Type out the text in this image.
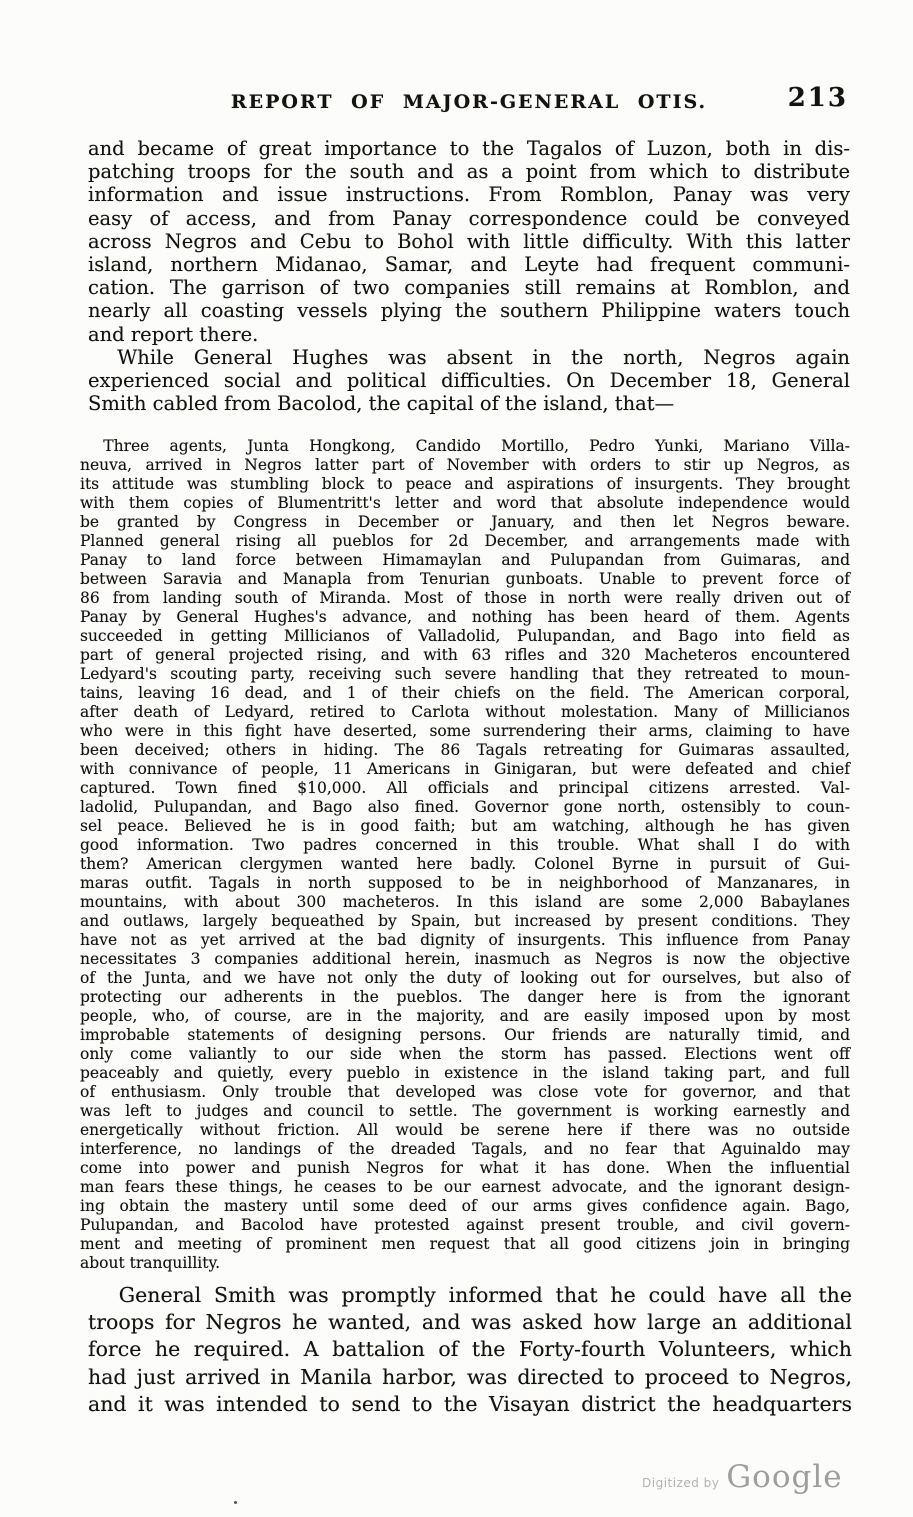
REPORT OF MAJOR-GENERAL OTIS.	213
and became of great importance to the Tagalos of Luzon, both in dis-
patching troops for the south and as a point from which to distribute
information and issue instructions. From Romblon, Panay was very
easy of access, and from Panay correspondence could be conveyed
across Negros and Cebu to Bohol with little difficulty. With this latter
island, northern Midanao, Samar, and Leyte had frequent communi-
cation. The garrison of two companies still remains at Romblon, and
nearly all coasting vessels plying the southern Philippine waters touch
and report there.
While General Hughes was absent in the north, Negros again
experienced social and political difficulties. On December 18, General
Smith cabled from Bacolod, the capital of the island, that—
Three agents, Junta Hongkong, Candido Mortillo, Pedro Yunki, Mariano Villa-
neuva, arrived in Negros latter part of November with orders to stir up Negros, as
its attitude was stumbling block to peace and aspirations of insurgents. They brought
with them copies of Blumentritt's letter and word that absolute independence would
be granted by Congress in December or January, and then let Negros beware.
Planned general rising all pueblos for 2d December, and arrangements made with
Panay to land force between Himamaylan and Pulupandan from Guimaras, and
between Saravia and Manapla from Tenurian gunboats. Unable to prevent force of
86 from landing south of Miranda. Most of those in north were really driven out of
Panay by General Hughes's advance, and nothing has been heard of them. Agents
succeeded in getting Millicianos of Valladolid, Pulupandan, and Bago into field as
part of general projected rising, and with 63 rifles and 320 Macheteros encountered
Ledyard's scouting party, receiving such severe handling that they retreated to moun-
tains, leaving 16 dead, and 1 of their chiefs on the field. The American corporal,
after death of Ledyard, retired to Carlota without molestation. Many of Millicianos
who were in this fight have deserted, some surrendering their arms, claiming to have
been deceived; others in hiding. The 86 Tagals retreating for Guimaras assaulted,
with connivance of people, 11 Americans in Ginigaran, but were defeated and chief
captured. Town fined $10,000. All officials and principal citizens arrested. Val-
ladolid, Pulupandan, and Bago also fined. Governor gone north, ostensibly to coun-
sel peace. Believed he is in good faith; but am watching, although he has given
good information. Two padres concerned in this trouble. What shall I do with
them? American clergymen wanted here badly. Colonel Byrne in pursuit of Gui-
maras outfit. Tagals in north supposed to be in neighborhood of Manzanares, in
mountains, with about 300 macheteros. In this island are some 2,000 Babaylanes
and outlaws, largely bequeathed by Spain, but increased by present conditions. They
have not as yet arrived at the bad dignity of insurgents. This influence from Panay
necessitates 3 companies additional herein, inasmuch as Negros is now the objective
of the Junta, and we have not only the duty of looking out for ourselves, but also of
protecting our adherents in the pueblos. The danger here is from the ignorant
people, who, of course, are in the majority, and are easily imposed upon by most
improbable statements of designing persons. Our friends are naturally timid, and
only come valiantly to our side when the storm has passed. Elections went off
peaceably and quietly, every pueblo in existence in the island taking part, and full
of enthusiasm. Only trouble that developed was close vote for governor, and that
was left to judges and council to settle. The government is working earnestly and
energetically without friction. All would be serene here if there was no outside
interference, no landings of the dreaded Tagals, and no fear that Aguinaldo may
come into power and punish Negros for what it has done. When the influential
man fears these things, he ceases to be our earnest advocate, and the ignorant design-
ing obtain the mastery until some deed of our arms gives confidence again. Bago,
Pulupandan, and Bacolod have protested against present trouble, and civil govern-
ment and meeting of prominent men request that all good citizens join in bringing
about tranquillity.
General Smith was promptly informed that he could have all the
troops for Negros he wanted, and was asked how large an additional
force he required. A battalion of the Forty-fourth Volunteers, which
had just arrived in Manila harbor, was directed to proceed to Negros,
and it was intended to send to the Visayan district the headquarters
Digitized by Google
